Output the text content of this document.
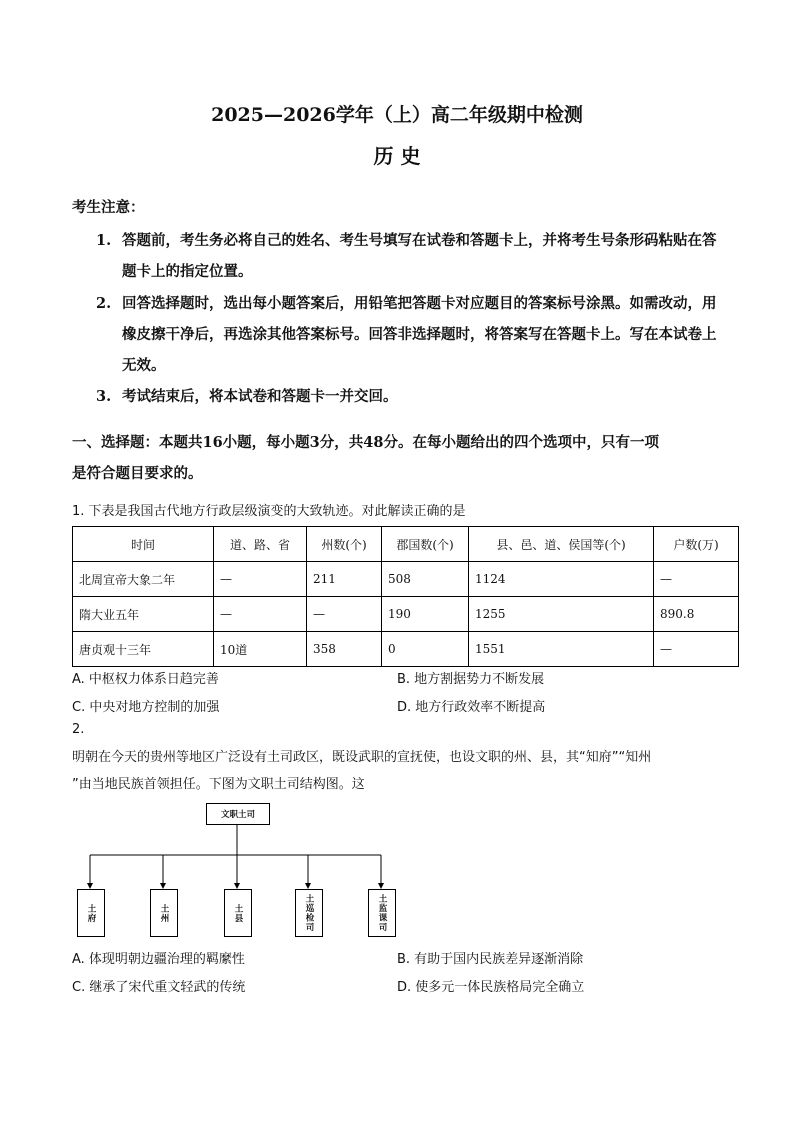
2025—2026学年（上）高二年级期中检测
历 史
考生注意：
1. 答题前，考生务必将自己的姓名、考生号填写在试卷和答题卡上，并将考生号条形码粘贴在答题卡上的指定位置。
2. 回答选择题时，选出每小题答案后，用铅笔把答题卡对应题目的答案标号涂黑。如需改动，用橡皮擦干净后，再选涂其他答案标号。回答非选择题时，将答案写在答题卡上。写在本试卷上无效。
3. 考试结束后，将本试卷和答题卡一并交回。
一、选择题：本题共16小题，每小题3分，共48分。在每小题给出的四个选项中，只有一项
是符合题目要求的。
1. 下表是我国古代地方行政层级演变的大致轨迹。对此解读正确的是
时间	道、路、省	州数(个)	郡国数(个)	县、邑、道、侯国等(个)	户数(万)
北周宣帝大象二年	—	211	508	1124	—
隋大业五年	—	—	190	1255	890.8
唐贞观十三年	10道	358	0	1551	—
A. 中枢权力体系日趋完善	B. 地方割据势力不断发展
C. 中央对地方控制的加强	D. 地方行政效率不断提高
2.
明朝在今天的贵州等地区广泛设有土司政区，既设武职的宣抚使，也设文职的州、县，其“知府”“知州
”由当地民族首领担任。下图为文职土司结构图。这
文职土司
土府	土州	土县	土巡检司	土监课司
A. 体现明朝边疆治理的羁縻性	B. 有助于国内民族差异逐渐消除
C. 继承了宋代重文轻武的传统	D. 使多元一体民族格局完全确立
